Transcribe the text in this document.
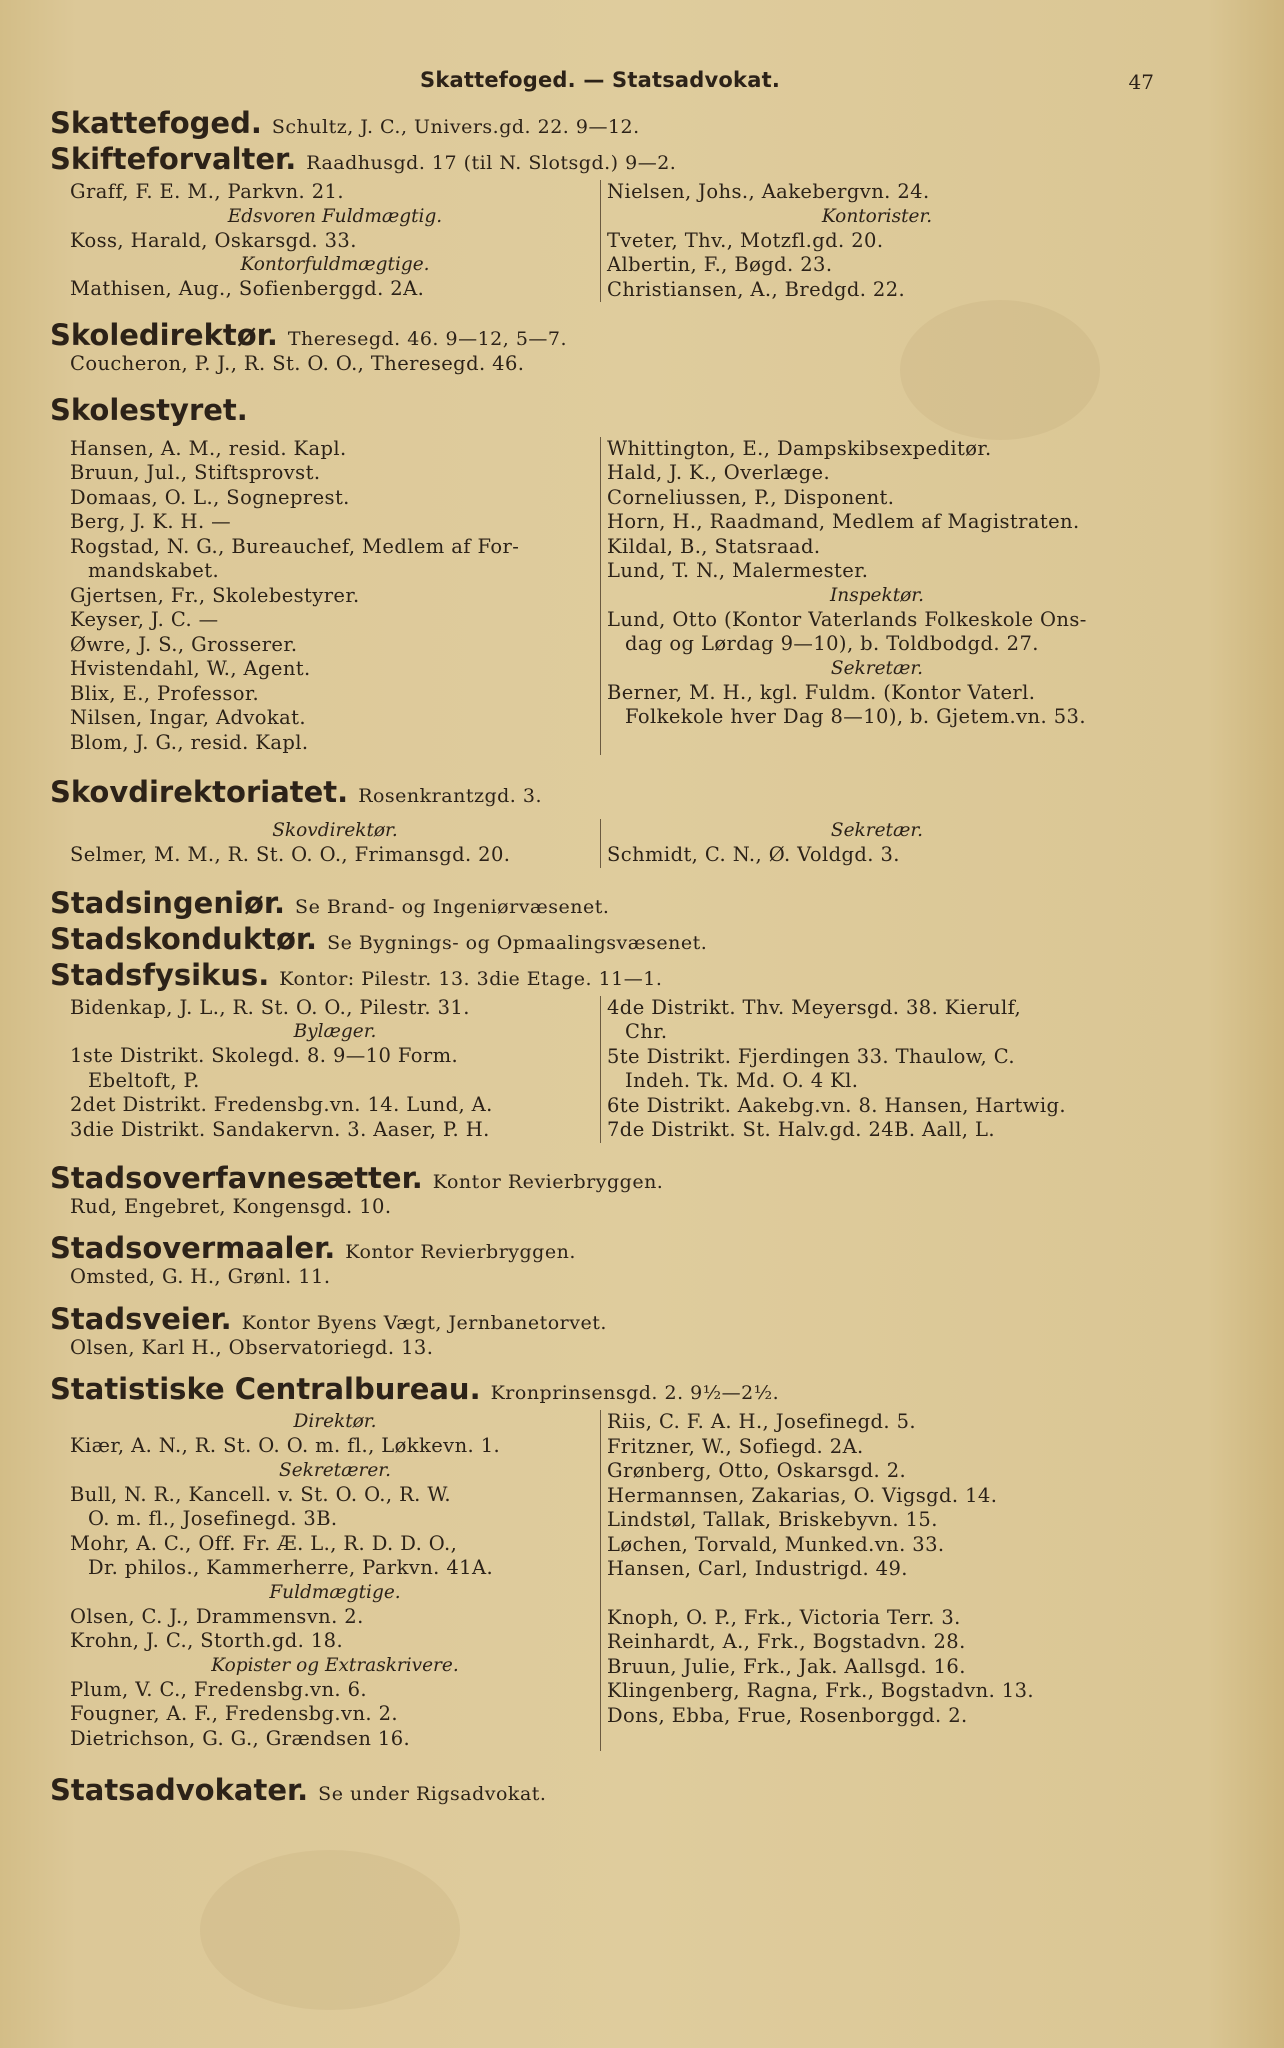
Skattefoged. — Statsadvokat.	47
Skattefoged. Schultz, J. C., Univers.gd. 22. 9—12.
Skifteforvalter. Raadhusgd. 17 (til N. Slotsgd.) 9—2.
Graff, F. E. M., Parkvn. 21.
Edsvoren Fuldmægtig.
Koss, Harald, Oskarsgd. 33.
Kontorfuldmægtige.
Mathisen, Aug., Sofienberggd. 2A.
Nielsen, Johs., Aakebergvn. 24.
Kontorister.
Tveter, Thv., Motzfl.gd. 20.
Albertin, F., Bøgd. 23.
Christiansen, A., Bredgd. 22.
Skoledirektør. Theresegd. 46. 9—12, 5—7.
Coucheron, P. J., R. St. O. O., Theresegd. 46.
Skolestyret.
Hansen, A. M., resid. Kapl.
Bruun, Jul., Stiftsprovst.
Domaas, O. L., Sogneprest.
Berg, J. K. H. —
Rogstad, N. G., Bureauchef, Medlem af For-
mandskabet.
Gjertsen, Fr., Skolebestyrer.
Keyser, J. C. —
Øwre, J. S., Grosserer.
Hvistendahl, W., Agent.
Blix, E., Professor.
Nilsen, Ingar, Advokat.
Blom, J. G., resid. Kapl.
Whittington, E., Dampskibsexpeditør.
Hald, J. K., Overlæge.
Corneliussen, P., Disponent.
Horn, H., Raadmand, Medlem af Magistraten.
Kildal, B., Statsraad.
Lund, T. N., Malermester.
Inspektør.
Lund, Otto (Kontor Vaterlands Folkeskole Ons-
dag og Lørdag 9—10), b. Toldbodgd. 27.
Sekretær.
Berner, M. H., kgl. Fuldm. (Kontor Vaterl.
Folkekole hver Dag 8—10), b. Gjetem.vn. 53.
Skovdirektoriatet. Rosenkrantzgd. 3.
Skovdirektør.
Selmer, M. M., R. St. O. O., Frimansgd. 20.
Sekretær.
Schmidt, C. N., Ø. Voldgd. 3.
Stadsingeniør. Se Brand- og Ingeniørvæsenet.
Stadskonduktør. Se Bygnings- og Opmaalingsvæsenet.
Stadsfysikus. Kontor: Pilestr. 13. 3die Etage. 11—1.
Bidenkap, J. L., R. St. O. O., Pilestr. 31.
Bylæger.
1ste Distrikt. Skolegd. 8. 9—10 Form.
Ebeltoft, P.
2det Distrikt. Fredensbg.vn. 14. Lund, A.
3die Distrikt. Sandakervn. 3. Aaser, P. H.
4de Distrikt. Thv. Meyersgd. 38. Kierulf,
Chr.
5te Distrikt. Fjerdingen 33. Thaulow, C.
Indeh. Tk. Md. O. 4 Kl.
6te Distrikt. Aakebg.vn. 8. Hansen, Hartwig.
7de Distrikt. St. Halv.gd. 24B. Aall, L.
Stadsoverfavnesætter. Kontor Revierbryggen.
Rud, Engebret, Kongensgd. 10.
Stadsovermaaler. Kontor Revierbryggen.
Omsted, G. H., Grønl. 11.
Stadsveier. Kontor Byens Vægt, Jernbanetorvet.
Olsen, Karl H., Observatoriegd. 13.
Statistiske Centralbureau. Kronprinsensgd. 2. 9½—2½.
Direktør.
Kiær, A. N., R. St. O. O. m. fl., Løkkevn. 1.
Sekretærer.
Bull, N. R., Kancell. v. St. O. O., R. W.
O. m. fl., Josefinegd. 3B.
Mohr, A. C., Off. Fr. Æ. L., R. D. D. O.,
Dr. philos., Kammerherre, Parkvn. 41A.
Fuldmægtige.
Olsen, C. J., Drammensvn. 2.
Krohn, J. C., Storth.gd. 18.
Kopister og Extraskrivere.
Plum, V. C., Fredensbg.vn. 6.
Fougner, A. F., Fredensbg.vn. 2.
Dietrichson, G. G., Grændsen 16.
Riis, C. F. A. H., Josefinegd. 5.
Fritzner, W., Sofiegd. 2A.
Grønberg, Otto, Oskarsgd. 2.
Hermannsen, Zakarias, O. Vigsgd. 14.
Lindstøl, Tallak, Briskebyvn. 15.
Løchen, Torvald, Munked.vn. 33.
Hansen, Carl, Industrigd. 49.
Knoph, O. P., Frk., Victoria Terr. 3.
Reinhardt, A., Frk., Bogstadvn. 28.
Bruun, Julie, Frk., Jak. Aallsgd. 16.
Klingenberg, Ragna, Frk., Bogstadvn. 13.
Dons, Ebba, Frue, Rosenborggd. 2.
Statsadvokater. Se under Rigsadvokat.
